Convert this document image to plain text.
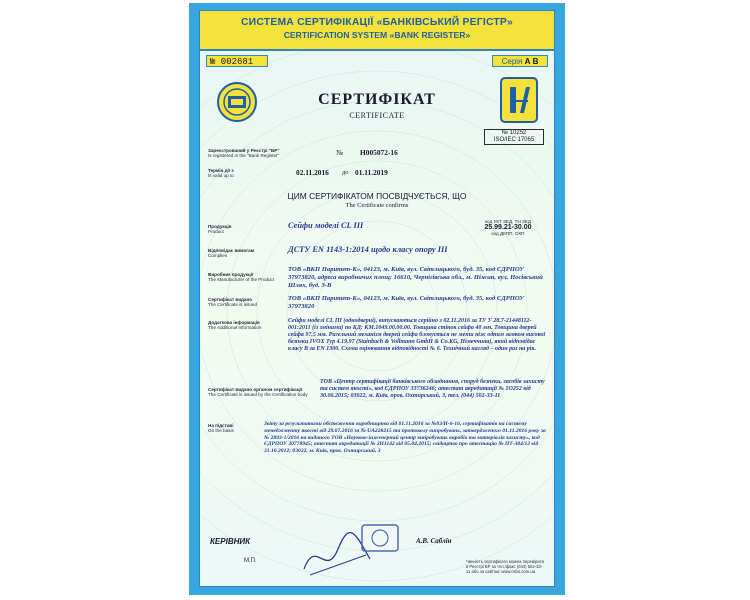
СИСТЕМА СЕРТИФІКАЦІЇ «БАНКІВСЬКИЙ РЕГІСТР»
CERTIFICATION SYSTEM «BANK REGISTER»
№ 002681	Серія А В
СЕРТИФІКАТ
CERTIFICATE
№ 10252
ISO/IEC 17065
Зареєстрований у Реєстрі "БР"
Is registered in the "Bank Register"	№ Н005072-16
Термін дії з
Is valid up to	02.11.2016 до 01.11.2019
ЦИМ СЕРТИФІКАТОМ ПОСВІДЧУЄТЬСЯ, ЩО
The Certificate confirms
Продукція
Product
Сейфи моделі CL III	код УКТ ЗЕД, ТН ЗЕД
25.99.21-30.00
код ДКПП, ОКП
Відповідає вимогам
Complies
ДСТУ EN 1143-1:2014 щодо класу опору ІІІ
Виробник продукції
The Manufacturer of the Product
ТОВ «ВКП Паритет-К», 04123, м. Київ, вул. Світлицького, буд. 35, код ЄДРПОУ 37973820, адреса виробничих площ: 16610, Чернігівська обл., м. Ніжин, вул. Носівський Шлях, буд. 3-В
Сертифікат видано
The Certificate is issued
ТОВ «ВКП Паритет-К», 04123, м. Київ, вул. Світлицького, буд. 35, код ЄДРПОУ 37973820
Додаткова інформація
The Additional Information
Сейфи моделі CL III (однодверні), випускаються серійно з 02.11.2016 за ТУ У 28.7-21448112-001:2011 (із змінами) по КД: КМ.1049.00.00.00. Товщина стінок сейфа 40 мм. Товщина дверей сейфа 97,5 мм. Ригельний механізм дверей сейфа блокується не менш ніж одним замком високої безпеки IVOX Typ 4.19.97 (Stainbach & Vollmann GmbH & Co.KG, Німеччина), який відповідає класу В за EN 1300. Схема оцінювання відповідності № 6. Технічний нагляд – один раз на рік.
Сертифікат видано органом сертифікації
The Certificate is issued by the Certification body
ТОВ «Центр сертифікації банківського обладнання, споруд безпеки, засобів захисту та систем якості», код ЄДРПОУ 33736246; атестат акредитації № 1О252 від 30.06.2015; 03022, м. Київ, пров. Охтирський, 3, тел. (044) 502-33-11
На підставі
On the basis
Звіту за результатами обстеження виробництва від 01.11.2016 за №83/Н-6-16, сертифікатів на систему менеджменту якості від 29.07.2016 за № UA228215 та протоколу випробувань, затвердженого 01.11.2016 року за № 2893-1/2016 на виданого ТОВ «Науково-інженерний центр випробувань виробів та матеріалів захисту», код ЄДРПОУ 30778945; атестат акредитації № 2Н1142 від 05.04.2015; свідоцтво про атестацію № ПТ-384/12 від 31.10.2012; 03022, м. Київ, пров. Охтирський, 3
КЕРІВНИК
М.П.
А.В. Саблін
Чинність сертифіката можна перевірити в Реєстрі БР за тел./факс (044) 502-33-11 або за сайтом: www.csbo.com.ua
